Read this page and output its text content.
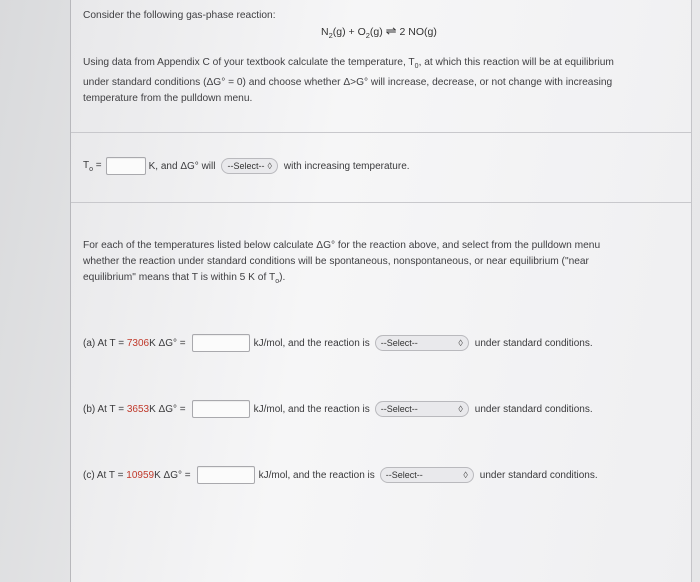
Consider the following gas-phase reaction:
$N_2(g) + O_2(g)$ ⇌ 2 NO(g)
Using data from Appendix C of your textbook calculate the temperature, $T_0$, at which this reaction will be at equilibrium
under standard conditions (ΔG° = 0) and choose whether Δ>G° will increase, decrease, or not change with increasing
temperature from the pulldown menu.
$T_o$ =	K, and ΔG° will --Select-- ◊ with increasing temperature.
For each of the temperatures listed below calculate ΔG° for the reaction above, and select from the pulldown menu
whether the reaction under standard conditions will be spontaneous, nonspontaneous, or near equilibrium ("near
equilibrium" means that T is within 5 K of $T_o$).
(a) At T =
7306 K ΔG° =	kJ/mol, and the reaction is --Select--	◊ under standard conditions.
(b) At T =
3653 K ΔG° =	kJ/mol, and the reaction is --Select--	◊ under standard conditions.
(c) At T =
10959 K ΔG° =	kJ/mol, and the reaction is --Select--	◊ under standard conditions.
